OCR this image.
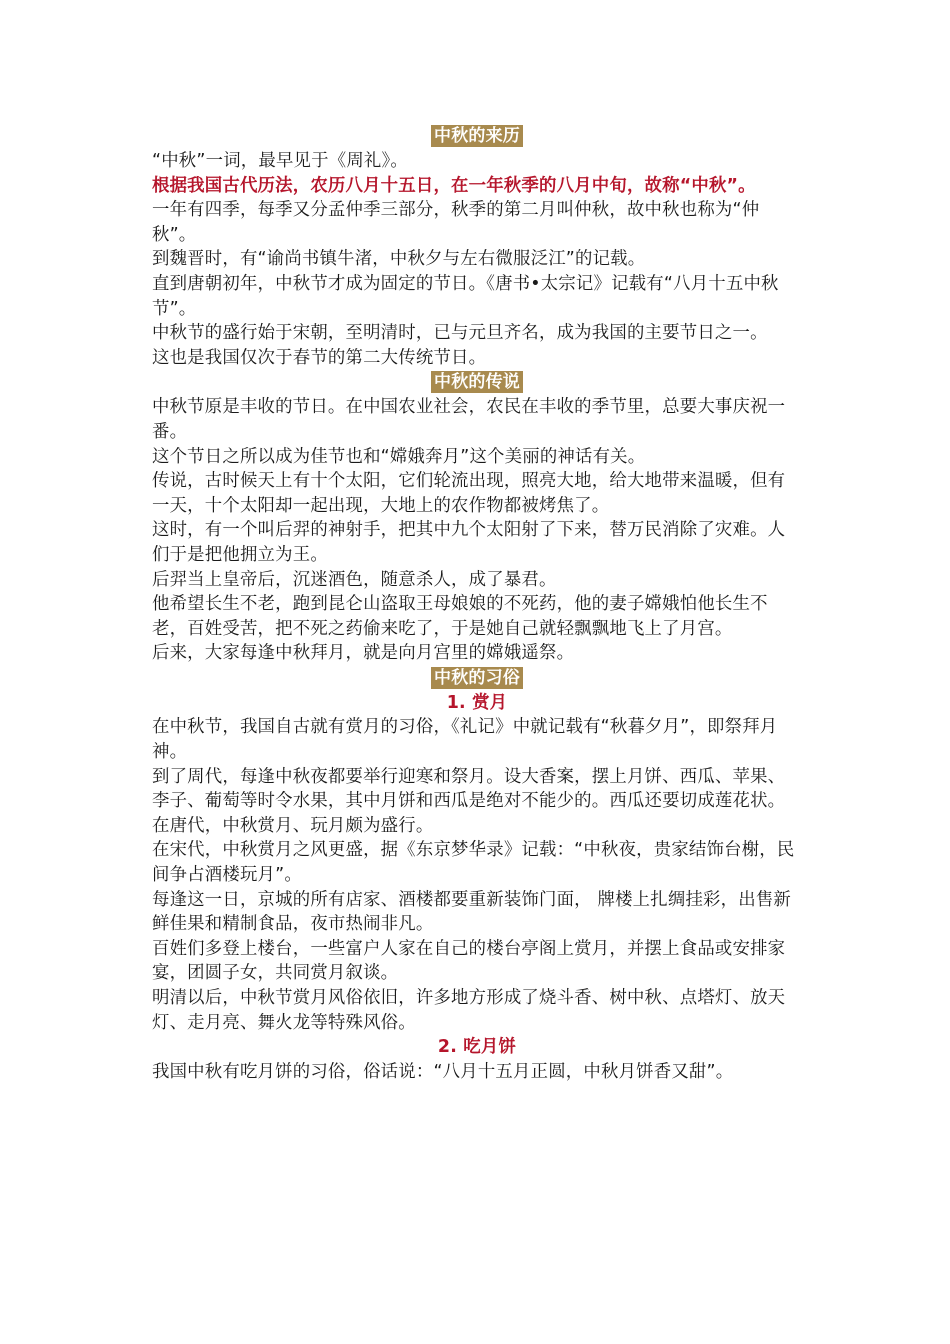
中秋的来历

“中秋”一词，最早见于《周礼》。

根据我国古代历法，农历八月十五日，在一年秋季的八月中旬，故称“中秋”。

一年有四季，每季又分孟仲季三部分，秋季的第二月叫仲秋，故中秋也称为“仲秋”。

到魏晋时，有“谕尚书镇牛渚，中秋夕与左右微服泛江”的记载。

直到唐朝初年，中秋节才成为固定的节日。《唐书•太宗记》记载有“八月十五中秋节”。

中秋节的盛行始于宋朝，至明清时，已与元旦齐名，成为我国的主要节日之一。

这也是我国仅次于春节的第二大传统节日。

中秋的传说

中秋节原是丰收的节日。在中国农业社会，农民在丰收的季节里，总要大事庆祝一番。

这个节日之所以成为佳节也和“嫦娥奔月”这个美丽的神话有关。

传说，古时候天上有十个太阳，它们轮流出现，照亮大地，给大地带来温暖，但有一天，十个太阳却一起出现，大地上的农作物都被烤焦了。

这时，有一个叫后羿的神射手，把其中九个太阳射了下来，替万民消除了灾难。人们于是把他拥立为王。

后羿当上皇帝后，沉迷酒色，随意杀人，成了暴君。

他希望长生不老，跑到昆仑山盗取王母娘娘的不死药，他的妻子嫦娥怕他长生不老，百姓受苦，把不死之药偷来吃了，于是她自己就轻飘飘地飞上了月宫。

后来，大家每逢中秋拜月，就是向月宫里的嫦娥遥祭。

中秋的习俗

1. 赏月

在中秋节，我国自古就有赏月的习俗，《礼记》中就记载有“秋暮夕月”，即祭拜月神。

到了周代，每逢中秋夜都要举行迎寒和祭月。设大香案，摆上月饼、西瓜、苹果、李子、葡萄等时令水果，其中月饼和西瓜是绝对不能少的。西瓜还要切成莲花状。

在唐代，中秋赏月、玩月颇为盛行。

在宋代，中秋赏月之风更盛，据《东京梦华录》记载：“中秋夜，贵家结饰台榭，民间争占酒楼玩月”。

每逢这一日，京城的所有店家、酒楼都要重新装饰门面， 牌楼上扎绸挂彩，出售新鲜佳果和精制食品，夜市热闹非凡。

百姓们多登上楼台，一些富户人家在自己的楼台亭阁上赏月，并摆上食品或安排家宴，团圆子女，共同赏月叙谈。

明清以后，中秋节赏月风俗依旧，许多地方形成了烧斗香、树中秋、点塔灯、放天灯、走月亮、舞火龙等特殊风俗。

2. 吃月饼

我国中秋有吃月饼的习俗，俗话说：“八月十五月正圆，中秋月饼香又甜”。
